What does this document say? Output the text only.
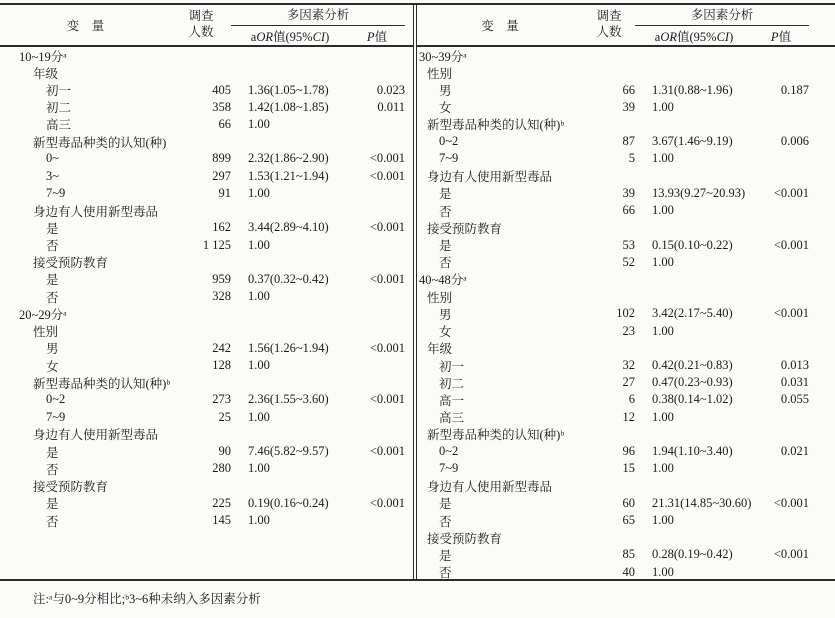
变　量
调查
人数
多因素分析
aOR值(95%CI)	P值
10~19分ᵃ
年级
初一	405	1.36(1.05~1.78)	0.023
初二	358	1.42(1.08~1.85)	0.011
高三	66	1.00
新型毒品种类的认知(种)
0~	899	2.32(1.86~2.90)	<0.001
3~	297	1.53(1.21~1.94)	<0.001
7~9	91	1.00
身边有人使用新型毒品
是	162	3.44(2.89~4.10)	<0.001
否	1 125	1.00
接受预防教育
是	959	0.37(0.32~0.42)	<0.001
否	328	1.00
20~29分ᵃ
性别
男	242	1.56(1.26~1.94)	<0.001
女	128	1.00
新型毒品种类的认知(种)ᵇ
0~2	273	2.36(1.55~3.60)	<0.001
7~9	25	1.00
身边有人使用新型毒品
是	90	7.46(5.82~9.57)	<0.001
否	280	1.00
接受预防教育
是	225	0.19(0.16~0.24)	<0.001
否	145	1.00
变　量
调查
人数
多因素分析
aOR值(95%CI)	P值
30~39分ᵃ
性别
男	66	1.31(0.88~1.96)	0.187
女	39	1.00
新型毒品种类的认知(种)ᵇ
0~2	87	3.67(1.46~9.19)	0.006
7~9	5	1.00
身边有人使用新型毒品
是	39	13.93(9.27~20.93)	<0.001
否	66	1.00
接受预防教育
是	53	0.15(0.10~0.22)	<0.001
否	52	1.00
40~48分ᵃ
性别
男	102	3.42(2.17~5.40)	<0.001
女	23	1.00
年级
初一	32	0.42(0.21~0.83)	0.013
初二	27	0.47(0.23~0.93)	0.031
高一	6	0.38(0.14~1.02)	0.055
高三	12	1.00
新型毒品种类的认知(种)ᵇ
0~2	96	1.94(1.10~3.40)	0.021
7~9	15	1.00
身边有人使用新型毒品
是	60	21.31(14.85~30.60)	<0.001
否	65	1.00
接受预防教育
是	85	0.28(0.19~0.42)	<0.001
否	40	1.00
注:ᵃ与0~9分相比;ᵇ3~6种未纳入多因素分析
